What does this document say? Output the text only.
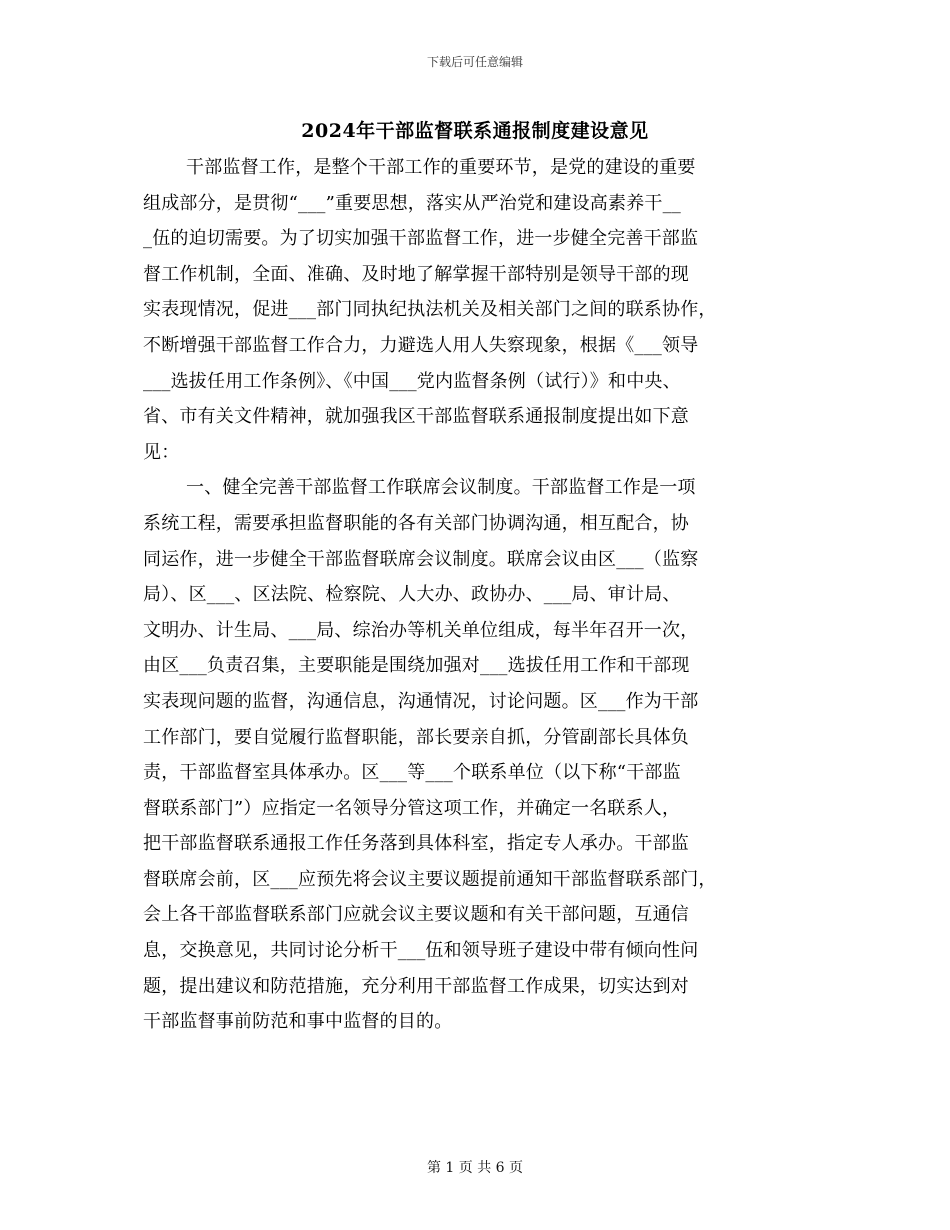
下载后可任意编辑
2024年干部监督联系通报制度建设意见
干部监督工作，是整个干部工作的重要环节，是党的建设的重要
组成部分，是贯彻“___”重要思想，落实从严治党和建设高素养干__
_伍的迫切需要。为了切实加强干部监督工作，进一步健全完善干部监
督工作机制，全面、准确、及时地了解掌握干部特别是领导干部的现
实表现情况，促进___部门同执纪执法机关及相关部门之间的联系协作，
不断增强干部监督工作合力，力避选人用人失察现象，根据《___领导
___选拔任用工作条例》、《中国___党内监督条例（试行）》和中央、
省、市有关文件精神，就加强我区干部监督联系通报制度提出如下意
见：
一、健全完善干部监督工作联席会议制度。干部监督工作是一项
系统工程，需要承担监督职能的各有关部门协调沟通，相互配合，协
同运作，进一步健全干部监督联席会议制度。联席会议由区___（监察
局）、区___、区法院、检察院、人大办、政协办、___局、审计局、
文明办、计生局、___局、综治办等机关单位组成，每半年召开一次，
由区___负责召集，主要职能是围绕加强对___选拔任用工作和干部现
实表现问题的监督，沟通信息，沟通情况，讨论问题。区___作为干部
工作部门，要自觉履行监督职能，部长要亲自抓，分管副部长具体负
责，干部监督室具体承办。区___等___个联系单位（以下称“干部监
督联系部门”）应指定一名领导分管这项工作，并确定一名联系人，
把干部监督联系通报工作任务落到具体科室，指定专人承办。干部监
督联席会前，区___应预先将会议主要议题提前通知干部监督联系部门，
会上各干部监督联系部门应就会议主要议题和有关干部问题，互通信
息，交换意见，共同讨论分析干___伍和领导班子建设中带有倾向性问
题，提出建议和防范措施，充分利用干部监督工作成果，切实达到对
干部监督事前防范和事中监督的目的。
第 1 页 共 6 页
